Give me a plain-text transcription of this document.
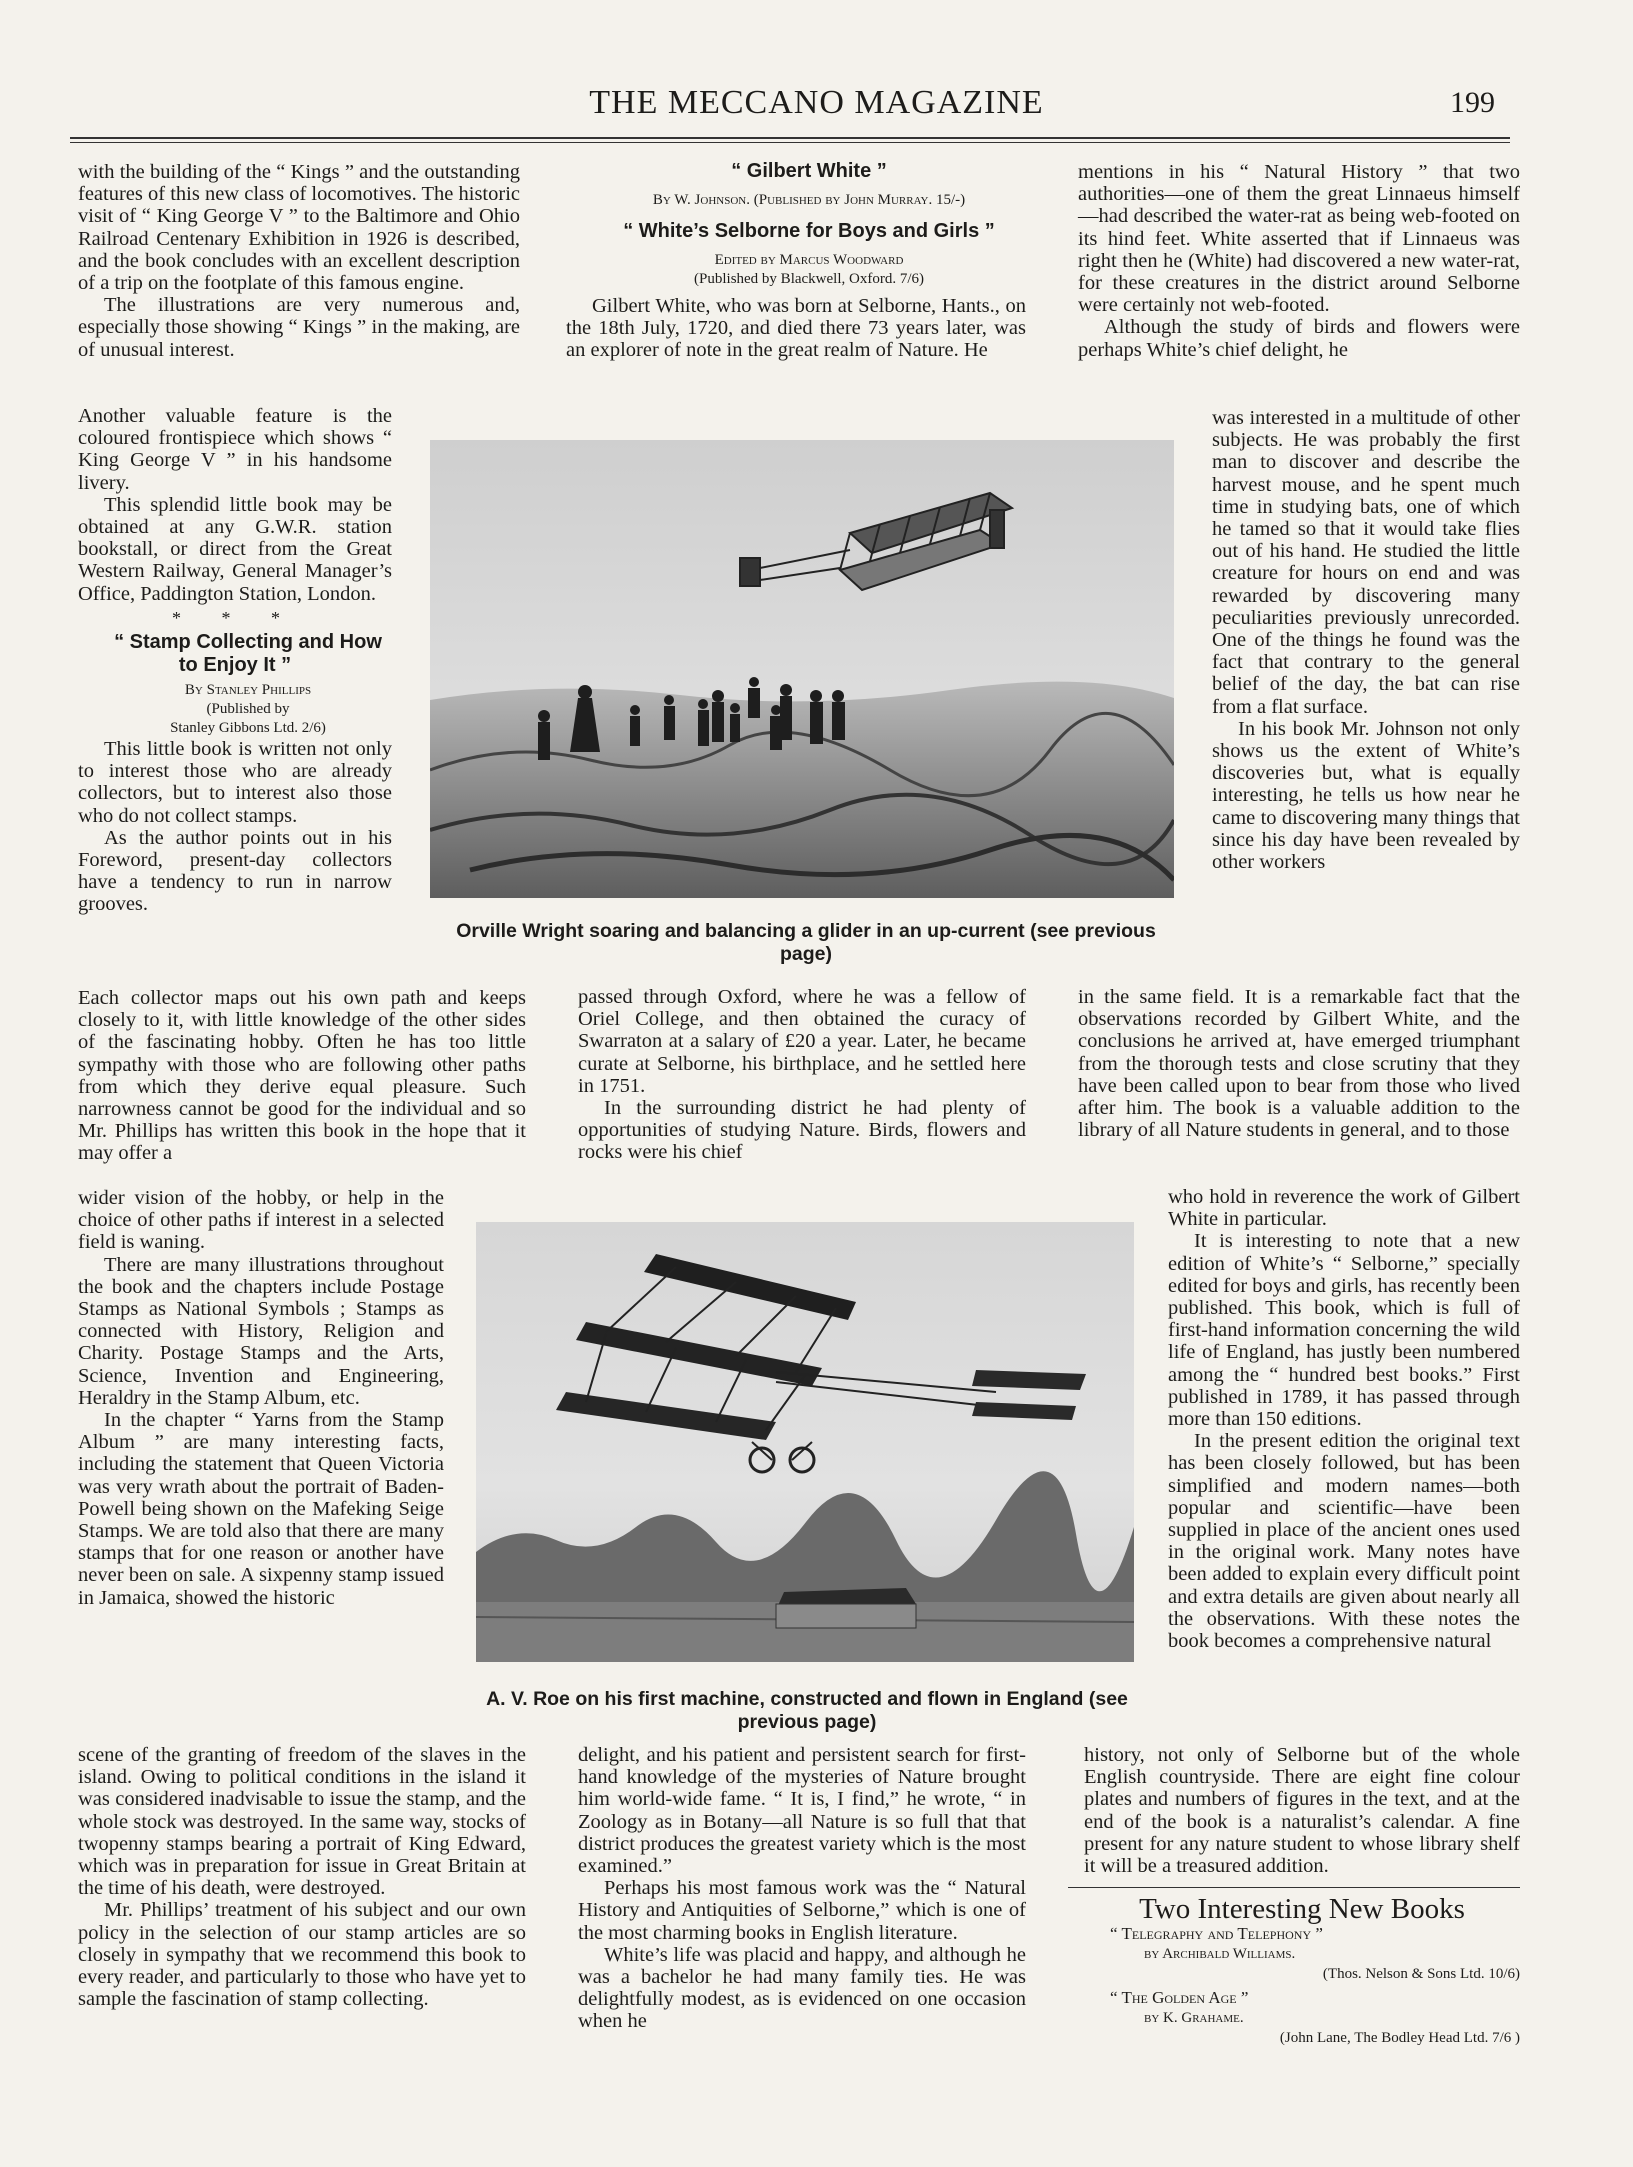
THE MECCANO MAGAZINE	199

with the building of the “ Kings ” and the outstanding features of this new class of locomotives. The historic visit of “ King George V ” to the Baltimore and Ohio Railroad Centenary Exhibition in 1926 is described, and the book concludes with an excellent description of a trip on the footplate of this famous engine.

The illustrations are very numerous and, especially those showing “ Kings ” in the making, are of unusual interest.

Another valuable feature is the coloured frontispiece which shows “ King George V ” in his handsome livery.

This splendid little book may be obtained at any G.W.R. station bookstall, or direct from the Great Western Railway, General Manager’s Office, Paddington Station, London.

* * *

“ Stamp Collecting and How to Enjoy It ”

By Stanley Phillips

(Published by

Stanley Gibbons Ltd. 2/6)

This little book is written not only to interest those who are already collectors, but to interest also those who do not collect stamps.

As the author points out in his Foreword, present-day collectors have a tendency to run in narrow grooves.

Each collector maps out his own path and keeps closely to it, with little knowledge of the other sides of the fascinating hobby. Often he has too little sympathy with those who are following other paths from which they derive equal pleasure. Such narrowness cannot be good for the individual and so Mr. Phillips has written this book in the hope that it may offer a

wider vision of the hobby, or help in the choice of other paths if interest in a selected field is waning.

There are many illustrations throughout the book and the chapters include Postage Stamps as National Symbols ; Stamps as connected with History, Religion and Charity. Postage Stamps and the Arts, Science, Invention and Engineering, Heraldry in the Stamp Album, etc.

In the chapter “ Yarns from the Stamp Album ” are many interesting facts, including the statement that Queen Victoria was very wrath about the portrait of Baden-Powell being shown on the Mafeking Seige Stamps. We are told also that there are many stamps that for one reason or another have never been on sale. A sixpenny stamp issued in Jamaica, showed the historic

scene of the granting of freedom of the slaves in the island. Owing to political conditions in the island it was considered inadvisable to issue the stamp, and the whole stock was destroyed. In the same way, stocks of twopenny stamps bearing a portrait of King Edward, which was in preparation for issue in Great Britain at the time of his death, were destroyed.

Mr. Phillips’ treatment of his subject and our own policy in the selection of our stamp articles are so closely in sympathy that we recommend this book to every reader, and particularly to those who have yet to sample the fascination of stamp collecting.

“ Gilbert White ”

By W. Johnson. (Published by John Murray. 15/-)

“ White’s Selborne for Boys and Girls ”

Edited by Marcus Woodward

(Published by Blackwell, Oxford. 7/6)

Gilbert White, who was born at Selborne, Hants., on the 18th July, 1720, and died there 73 years later, was an explorer of note in the great realm of Nature. He

passed through Oxford, where he was a fellow of Oriel College, and then obtained the curacy of Swarraton at a salary of £20 a year. Later, he became curate at Selborne, his birthplace, and he settled here in 1751.

In the surrounding district he had plenty of opportunities of studying Nature. Birds, flowers and rocks were his chief

delight, and his patient and persistent search for first-hand knowledge of the mysteries of Nature brought him world-wide fame. “ It is, I find,” he wrote, “ in Zoology as in Botany—all Nature is so full that that district produces the greatest variety which is the most examined.”

Perhaps his most famous work was the “ Natural History and Antiquities of Selborne,” which is one of the most charming books in English literature.

White’s life was placid and happy, and although he was a bachelor he had many family ties. He was delightfully modest, as is evidenced on one occasion when he

mentions in his “ Natural History ” that two authorities—one of them the great Linnaeus himself—had described the water-rat as being web-footed on its hind feet. White asserted that if Linnaeus was right then he (White) had discovered a new water-rat, for these creatures in the district around Selborne were certainly not web-footed.

Although the study of birds and flowers were perhaps White’s chief delight, he

was interested in a multitude of other subjects. He was probably the first man to discover and describe the harvest mouse, and he spent much time in studying bats, one of which he tamed so that it would take flies out of his hand. He studied the little creature for hours on end and was rewarded by discovering many peculiarities previously unrecorded. One of the things he found was the fact that contrary to the general belief of the day, the bat can rise from a flat surface.

In his book Mr. Johnson not only shows us the extent of White’s discoveries but, what is equally interesting, he tells us how near he came to discovering many things that since his day have been revealed by other workers

in the same field. It is a remarkable fact that the observations recorded by Gilbert White, and the conclusions he arrived at, have emerged triumphant from the thorough tests and close scrutiny that they have been called upon to bear from those who lived after him. The book is a valuable addition to the library of all Nature students in general, and to those

who hold in reverence the work of Gilbert White in particular.

It is interesting to note that a new edition of White’s “ Selborne,” specially edited for boys and girls, has recently been published. This book, which is full of first-hand information concerning the wild life of England, has justly been numbered among the “ hundred best books.” First published in 1789, it has passed through more than 150 editions.

In the present edition the original text has been closely followed, but has been simplified and modern names—both popular and scientific—have been supplied in place of the ancient ones used in the original work. Many notes have been added to explain every difficult point and extra details are given about nearly all the observations. With these notes the book becomes a comprehensive natural

history, not only of Selborne but of the whole English countryside. There are eight fine colour plates and numbers of figures in the text, and at the end of the book is a naturalist’s calendar. A fine present for any nature student to whose library shelf it will be a treasured addition.

Two Interesting New Books

“ Telegraphy and Telephony ”

by Archibald Williams.

(Thos. Nelson & Sons Ltd. 10/6)

“ The Golden Age ”

by K. Grahame.

(John Lane, The Bodley Head Ltd. 7/6 )

Orville Wright soaring and balancing a glider in an up-current (see previous page)
A. V. Roe on his first machine, constructed and flown in England (see previous page)
